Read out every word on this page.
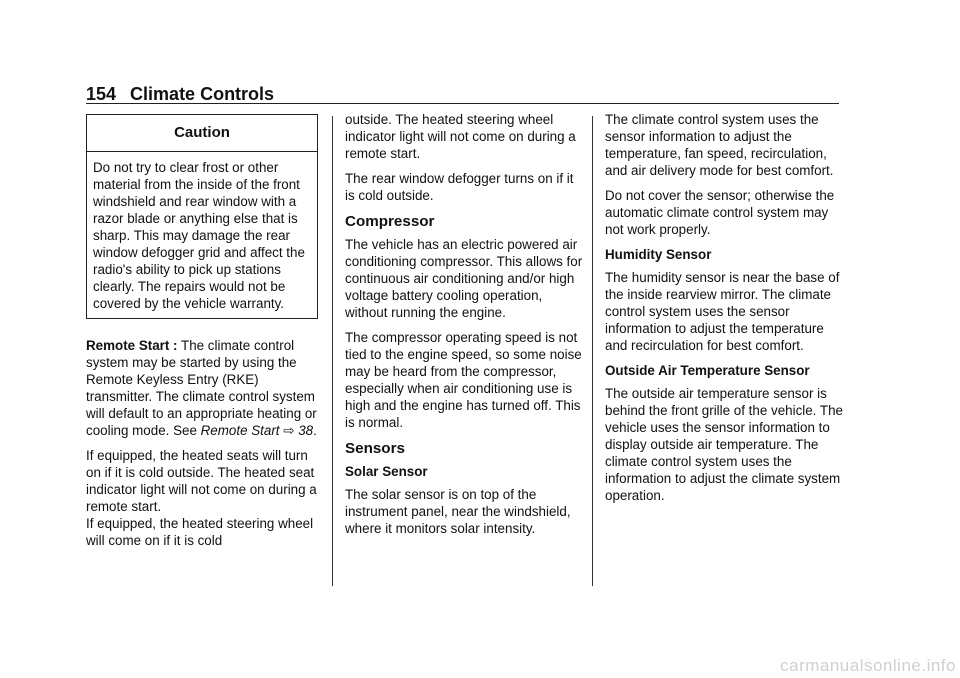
154 Climate Controls
Caution
Do not try to clear frost or other material from the inside of the front windshield and rear window with a razor blade or anything else that is sharp. This may damage the rear window defogger grid and affect the radio's ability to pick up stations clearly. The repairs would not be covered by the vehicle warranty.

Remote Start : The climate control system may be started by using the Remote Keyless Entry (RKE) transmitter. The climate control system will default to an appropriate heating or cooling mode. See Remote Start ⇨ 38.

If equipped, the heated seats will turn on if it is cold outside. The heated seat indicator light will not come on during a remote start.

If equipped, the heated steering wheel will come on if it is cold

outside. The heated steering wheel indicator light will not come on during a remote start.

The rear window defogger turns on if it is cold outside.

Compressor

The vehicle has an electric powered air conditioning compressor. This allows for continuous air conditioning and/or high voltage battery cooling operation, without running the engine.

The compressor operating speed is not tied to the engine speed, so some noise may be heard from the compressor, especially when air conditioning use is high and the engine has turned off. This is normal.

Sensors
Solar Sensor

The solar sensor is on top of the instrument panel, near the windshield, where it monitors solar intensity.

The climate control system uses the sensor information to adjust the temperature, fan speed, recirculation, and air delivery mode for best comfort.

Do not cover the sensor; otherwise the automatic climate control system may not work properly.

Humidity Sensor

The humidity sensor is near the base of the inside rearview mirror. The climate control system uses the sensor information to adjust the temperature and recirculation for best comfort.

Outside Air Temperature Sensor

The outside air temperature sensor is behind the front grille of the vehicle. The vehicle uses the sensor information to display outside air temperature. The climate control system uses the information to adjust the climate system operation.

carmanualsonline.info
